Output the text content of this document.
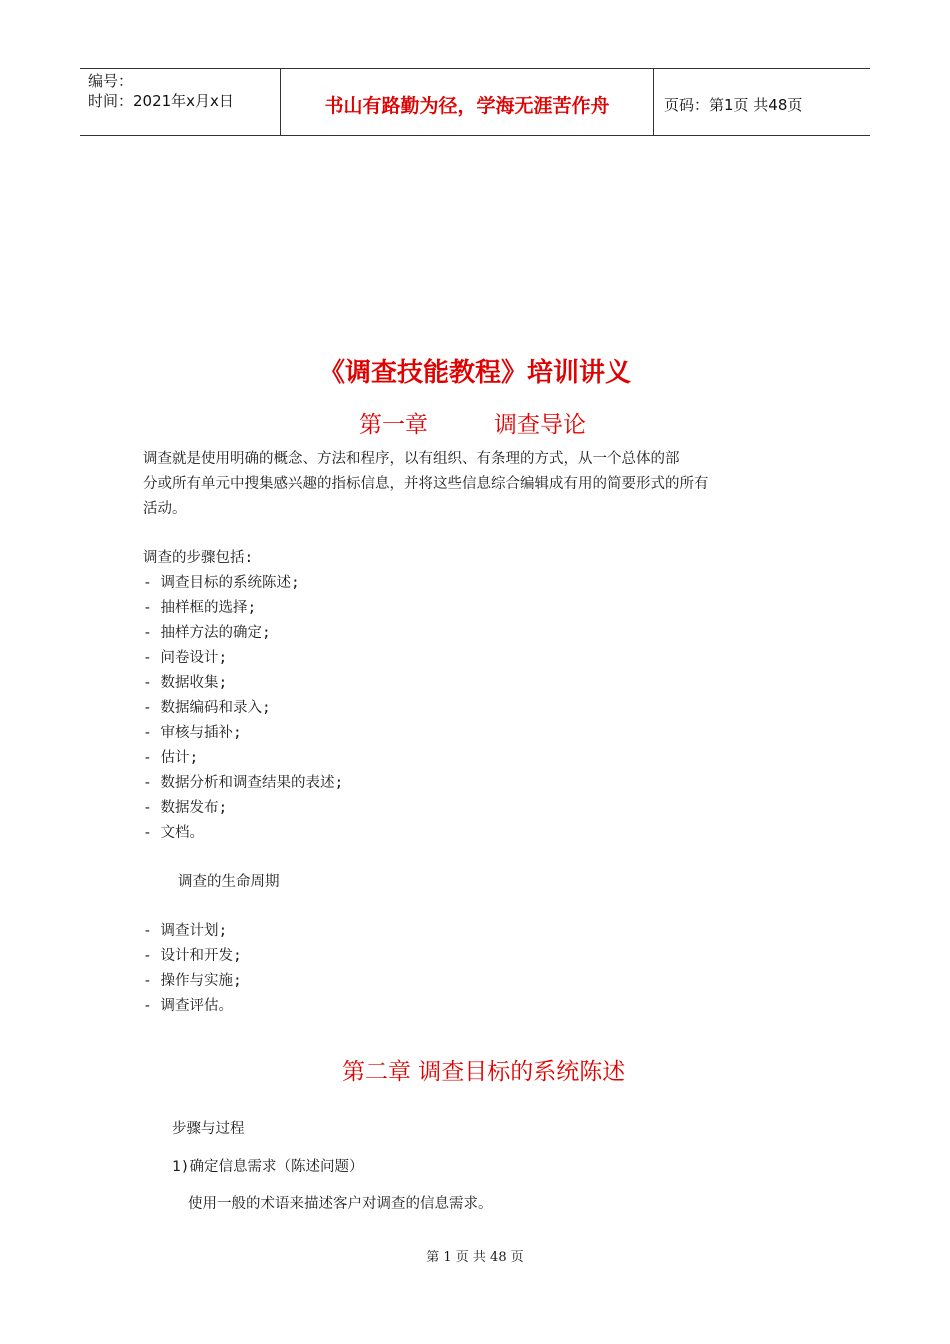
编号：
时间：2021年x月x日	书山有路勤为径，学海无涯苦作舟	页码：第1页 共48页
《调查技能教程》培训讲义
第一章	调查导论
调查就是使用明确的概念、方法和程序，以有组织、有条理的方式，从一个总体的部
分或所有单元中搜集感兴趣的指标信息，并将这些信息综合编辑成有用的简要形式的所有
活动。
调查的步骤包括:
- 调查目标的系统陈述;
- 抽样框的选择;
- 抽样方法的确定;
- 问卷设计;
- 数据收集;
- 数据编码和录入;
- 审核与插补;
- 估计;
- 数据分析和调查结果的表述;
- 数据发布;
- 文档。
调查的生命周期
- 调查计划;
- 设计和开发;
- 操作与实施;
- 调查评估。
第二章 调查目标的系统陈述
步骤与过程
1)确定信息需求（陈述问题）
使用一般的术语来描述客户对调查的信息需求。
第 1 页 共 48 页
